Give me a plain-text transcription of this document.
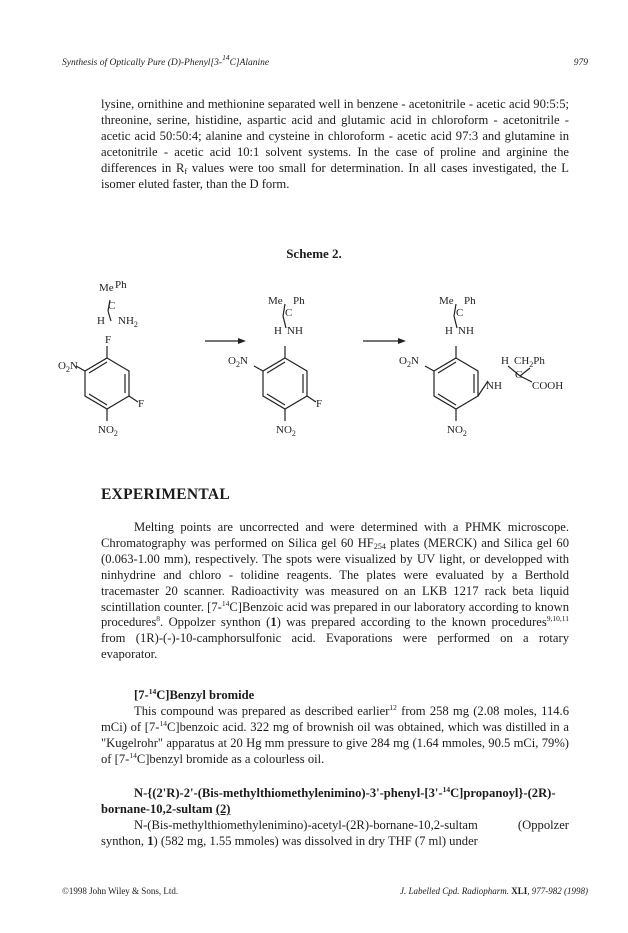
Synthesis of Optically Pure (D)-Phenyl[3-$^{14}$C]Alanine	979

lysine, ornithine and methionine separated well in benzene - acetonitrile - acetic acid 90:5:5; threonine, serine, histidine, aspartic acid and glutamic acid in chloroform - acetonitrile - acetic acid 50:50:4; alanine and cysteine in chloroform - acetic acid 97:3 and glutamine in acetonitrile - acetic acid 10:1 solvent systems. In the case of proline and arginine the differences in $R_f$ values were too small for determination. In all cases investigated, the L isomer eluted faster, than the D form.

Scheme 2.
Me Ph
C
H $NH_2$
F
$O_2N$
F
$NO_2$
Me Ph
C
H NH
$O_2N$
F
$NO_2$
Me Ph
C
H NH
$O_2N$	H $CH_2Ph$
C
NH	COOH
$NO_2$
EXPERIMENTAL

Melting points are uncorrected and were determined with a PHMK microscope. Chromatography was performed on Silica gel 60 $HF_{254}$ plates (MERCK) and Silica gel 60 (0.063-1.00 mm), respectively. The spots were visualized by UV light, or developped with ninhydrine and chloro - tolidine reagents. The plates were evaluated by a Berthold tracemaster 20 scanner. Radioactivity was measured on an LKB 1217 rack beta liquid scintillation counter. [7-$^{14}$C]Benzoic acid was prepared in our laboratory according to known procedures$^8$. Oppolzer synthon (1) was prepared according to the known procedures$^{9,10,11}$ from (1R)-(-)-10-camphorsulfonic acid. Evaporations were performed on a rotary evaporator.

[7-$^{14}$C]Benzyl bromide

This compound was prepared as described earlier$^{12}$ from 258 mg (2.08 moles, 114.6 mCi) of [7-$^{14}$C]benzoic acid. 322 mg of brownish oil was obtained, which was distilled in a "Kugelrohr" apparatus at 20 Hg mm pressure to give 284 mg (1.64 mmoles, 90.5 mCi, 79%) of [7-$^{14}$C]benzyl bromide as a colourless oil.

N-{(2'R)-2'-(Bis-methylthiomethylenimino)-3'-phenyl-[3'-$^{14}$C]propanoyl}-(2R)-bornane-10,2-sultam (2)

N-(Bis-methylthiomethylenimino)-acetyl-(2R)-bornane-10,2-sultam (Oppolzer synthon, 1) (582 mg, 1.55 mmoles) was dissolved in dry THF (7 ml) under

©1998 John Wiley & Sons, Ltd.	J. Labelled Cpd. Radiopharm. XLI, 977-982 (1998)
